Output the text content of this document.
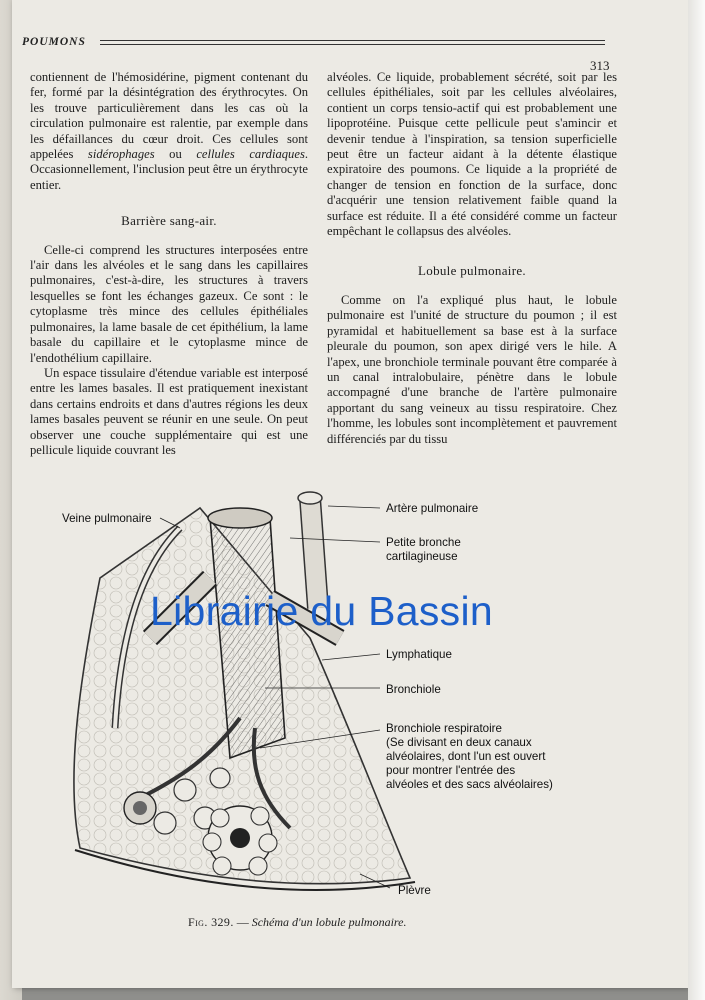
POUMONS
313

contiennent de l'hémosidérine, pigment contenant du fer, formé par la désintégration des érythrocytes. On les trouve particulièrement dans les cas où la circulation pulmonaire est ralentie, par exemple dans les défaillances du cœur droit. Ces cellules sont appelées sidérophages ou cellules cardiaques. Occasionnellement, l'inclusion peut être un érythrocyte entier.

Barrière sang-air.

Celle-ci comprend les structures interposées entre l'air dans les alvéoles et le sang dans les capillaires pulmonaires, c'est-à-dire, les structures à travers lesquelles se font les échanges gazeux. Ce sont : le cytoplasme très mince des cellules épithéliales pulmonaires, la lame basale de cet épithélium, la lame basale du capillaire et le cytoplasme mince de l'endothélium capillaire.

Un espace tissulaire d'étendue variable est interposé entre les lames basales. Il est pratiquement inexistant dans certains endroits et dans d'autres régions les deux lames basales peuvent se réunir en une seule. On peut observer une couche supplémentaire qui est une pellicule liquide couvrant les

alvéoles. Ce liquide, probablement sécrété, soit par les cellules épithéliales, soit par les cellules alvéolaires, contient un corps tensio-actif qui est probablement une lipoprotéine. Puisque cette pellicule peut s'amincir et devenir tendue à l'inspiration, sa tension superficielle peut être un facteur aidant à la détente élastique expiratoire des poumons. Ce liquide a la propriété de changer de tension en fonction de la surface, donc d'acquérir une tension relativement faible quand la surface est réduite. Il a été considéré comme un facteur empêchant le collapsus des alvéoles.

Lobule pulmonaire.

Comme on l'a expliqué plus haut, le lobule pulmonaire est l'unité de structure du poumon ; il est pyramidal et habituellement sa base est à la surface pleurale du poumon, son apex dirigé vers le hile. A l'apex, une bronchiole terminale pouvant être comparée à un canal intralobulaire, pénètre dans le lobule accompagné d'une branche de l'artère pulmonaire apportant du sang veineux au tissu respiratoire. Chez l'homme, les lobules sont incomplètement et pauvrement différenciés par du tissu

Veine pulmonaire
Artère pulmonaire
Petite bronche
cartilagineuse
Lymphatique
Bronchiole
Bronchiole respiratoire
(Se divisant en deux canaux
alvéolaires, dont l'un est ouvert
pour montrer l'entrée des
alvéoles et des sacs alvéolaires)
Plèvre
Fig. 329. — Schéma d'un lobule pulmonaire.
Librairie du Bassin
